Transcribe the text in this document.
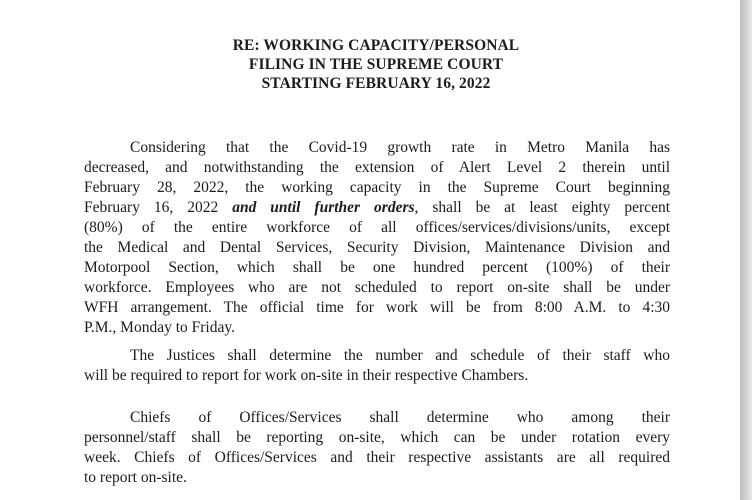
RE: WORKING CAPACITY/PERSONAL
FILING IN THE SUPREME COURT
STARTING FEBRUARY 16, 2022
Considering that the Covid-19 growth rate in Metro Manila has
decreased, and notwithstanding the extension of Alert Level 2 therein until
February 28, 2022, the working capacity in the Supreme Court beginning
February 16, 2022 and until further orders, shall be at least eighty percent
(80%) of the entire workforce of all offices/services/divisions/units, except
the Medical and Dental Services, Security Division, Maintenance Division and
Motorpool Section, which shall be one hundred percent (100%) of their
workforce. Employees who are not scheduled to report on-site shall be under
WFH arrangement. The official time for work will be from 8:00 A.M. to 4:30
P.M., Monday to Friday.
The Justices shall determine the number and schedule of their staff who
will be required to report for work on-site in their respective Chambers.
Chiefs of Offices/Services shall determine who among their
personnel/staff shall be reporting on-site, which can be under rotation every
week. Chiefs of Offices/Services and their respective assistants are all required
to report on-site.
